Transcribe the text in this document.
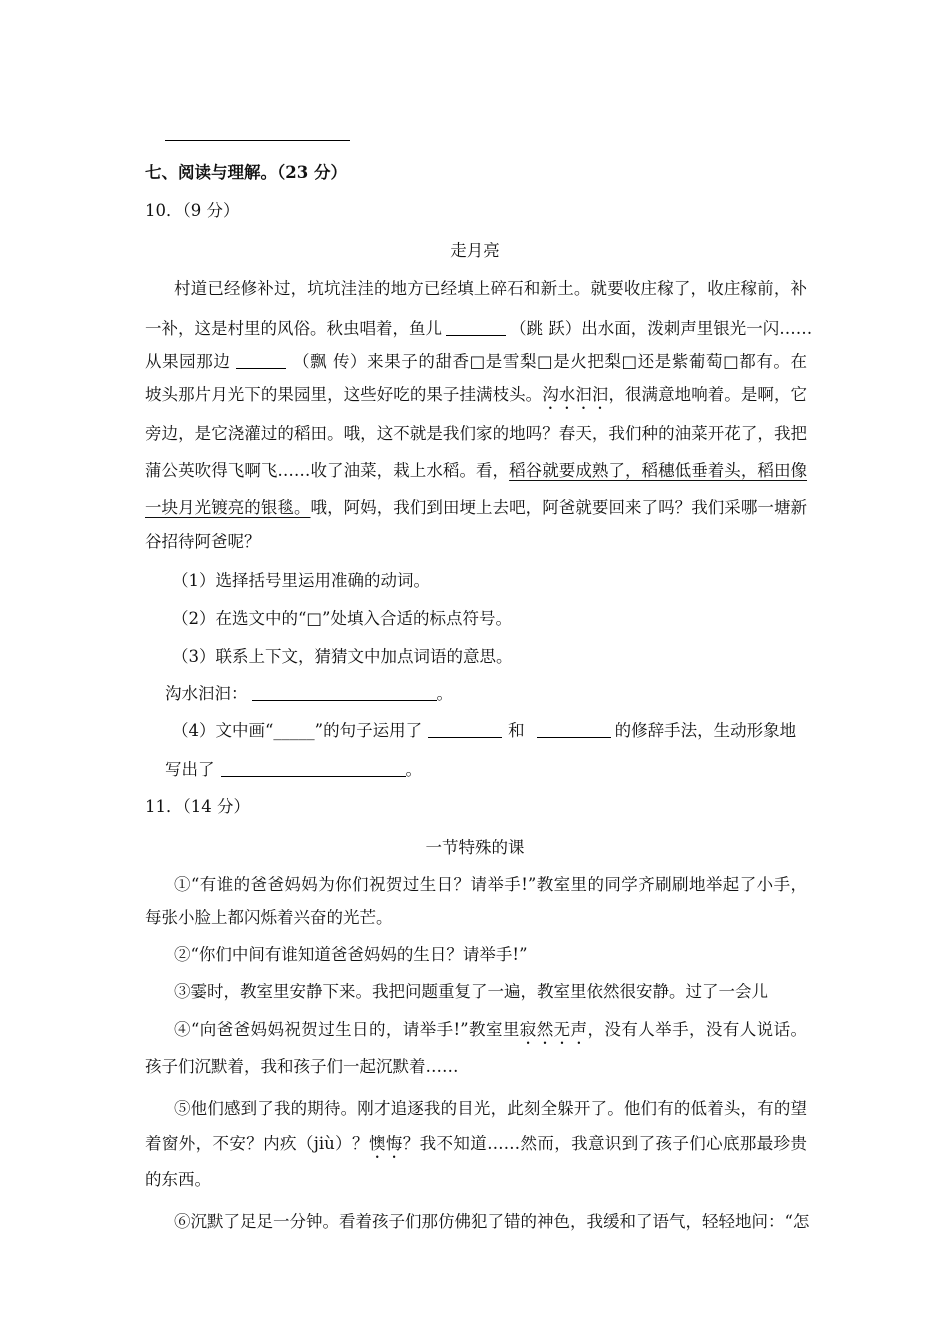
七、阅读与理解。（23 分）
10．（9 分）
走月亮
村道已经修补过，坑坑洼洼的地方已经填上碎石和新土。就要收庄稼了，收庄稼前，补
一补，这是村里的风俗。秋虫唱着，鱼儿	（跳 跃）出水面，泼刺声里银光一闪……
从果园那边	（飘 传）来果子的甜香□是雪梨□是火把梨□还是紫葡萄□都有。在
坡头那片月光下的果园里，这些好吃的果子挂满枝头。沟水汩汩，很满意地响着。是啊，它
旁边，是它浇灌过的稻田。哦，这不就是我们家的地吗？春天，我们种的油菜开花了，我把
蒲公英吹得飞啊飞……收了油菜，栽上水稻。看，稻谷就要成熟了，稻穗低垂着头，稻田像
一块月光镀亮的银毯。哦，阿妈，我们到田埂上去吧，阿爸就要回来了吗？我们采哪一塘新
谷招待阿爸呢？
（1）选择括号里运用准确的动词。
（2）在选文中的“□”处填入合适的标点符号。
（3）联系上下文，猜猜文中加点词语的意思。
沟水汩汩：	。
（4）文中画“_____”的句子运用了	和	的修辞手法，生动形象地
写出了	。
11．（14 分）
一节特殊的课
①“有谁的爸爸妈妈为你们祝贺过生日？请举手!”教室里的同学齐刷刷地举起了小手，
每张小脸上都闪烁着兴奋的光芒。
②“你们中间有谁知道爸爸妈妈的生日？请举手!”
③霎时，教室里安静下来。我把问题重复了一遍，教室里依然很安静。过了一会儿
④“向爸爸妈妈祝贺过生日的，请举手!”教室里寂然无声，没有人举手，没有人说话。
孩子们沉默着，我和孩子们一起沉默着……
⑤他们感到了我的期待。刚才追逐我的目光，此刻全躲开了。他们有的低着头，有的望
着窗外，不安？内疚（jiù）？懊悔？我不知道……然而，我意识到了孩子们心底那最珍贵
的东西。
⑥沉默了足足一分钟。看着孩子们那仿佛犯了错的神色，我缓和了语气，轻轻地问：“怎
